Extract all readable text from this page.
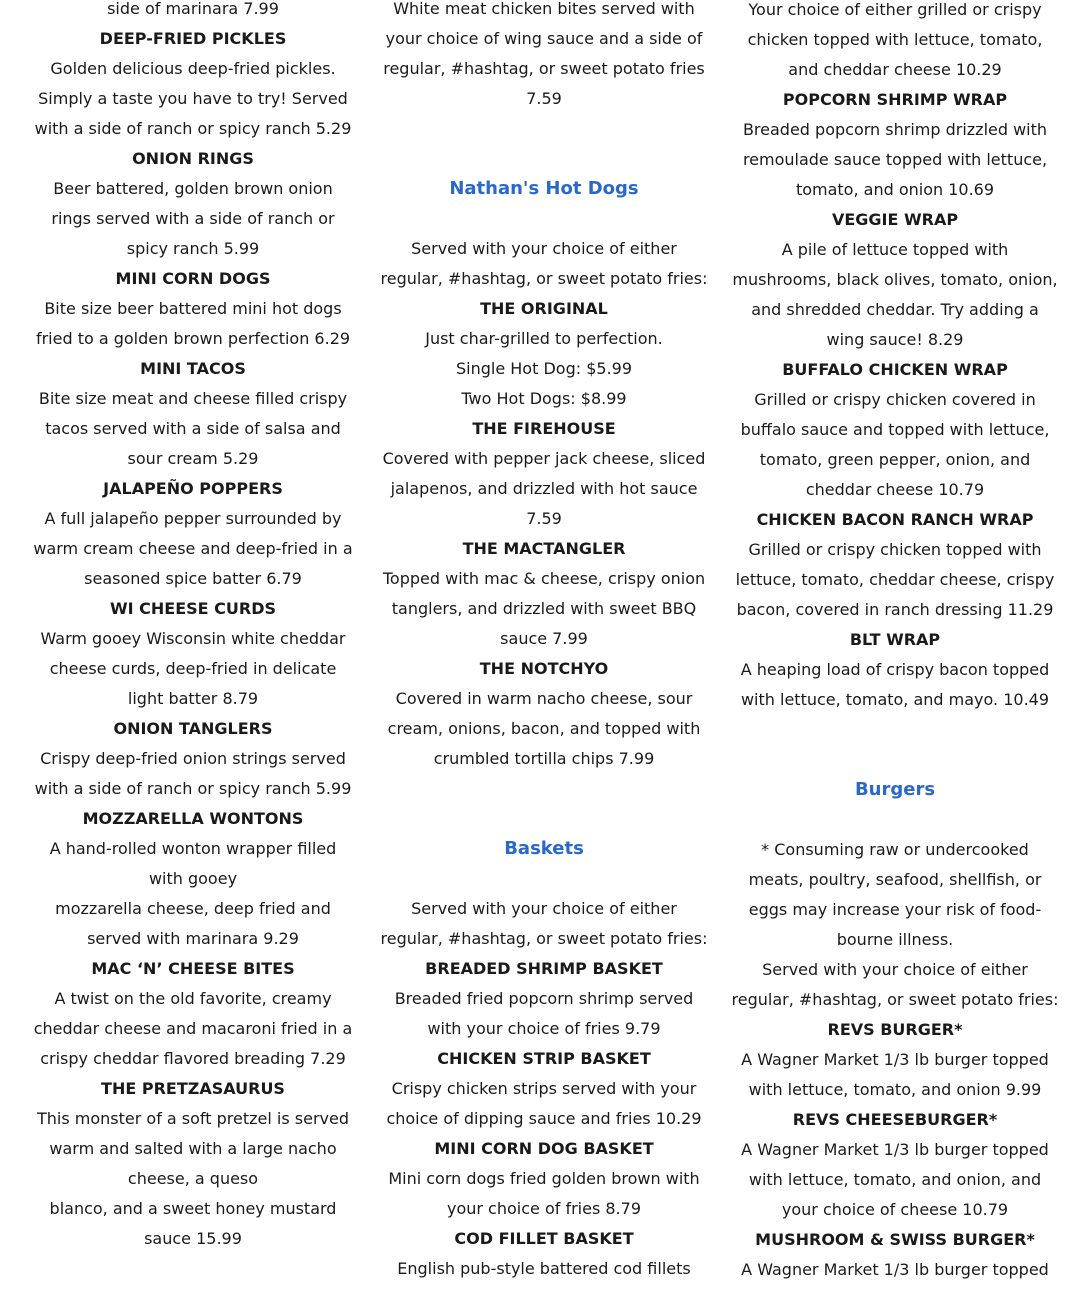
side of marinara 7.99
DEEP-FRIED PICKLES
Golden delicious deep-fried pickles.
Simply a taste you have to try! Served
with a side of ranch or spicy ranch 5.29
ONION RINGS
Beer battered, golden brown onion
rings served with a side of ranch or
spicy ranch 5.99
MINI CORN DOGS
Bite size beer battered mini hot dogs
fried to a golden brown perfection 6.29
MINI TACOS
Bite size meat and cheese filled crispy
tacos served with a side of salsa and
sour cream 5.29
JALAPEÑO POPPERS
A full jalapeño pepper surrounded by
warm cream cheese and deep-fried in a
seasoned spice batter 6.79
WI CHEESE CURDS
Warm gooey Wisconsin white cheddar
cheese curds, deep-fried in delicate
light batter 8.79
ONION TANGLERS
Crispy deep-fried onion strings served
with a side of ranch or spicy ranch 5.99
MOZZARELLA WONTONS
A hand-rolled wonton wrapper filled
with gooey
mozzarella cheese, deep fried and
served with marinara 9.29
MAC ‘N’ CHEESE BITES
A twist on the old favorite, creamy
cheddar cheese and macaroni fried in a
crispy cheddar flavored breading 7.29
THE PRETZASAURUS
This monster of a soft pretzel is served
warm and salted with a large nacho
cheese, a queso
blanco, and a sweet honey mustard
sauce 15.99
White meat chicken bites served with
your choice of wing sauce and a side of
regular, #hashtag, or sweet potato fries
7.59
Nathan's Hot Dogs
Served with your choice of either
regular, #hashtag, or sweet potato fries:
THE ORIGINAL
Just char-grilled to perfection.
Single Hot Dog: $5.99
Two Hot Dogs: $8.99
THE FIREHOUSE
Covered with pepper jack cheese, sliced
jalapenos, and drizzled with hot sauce
7.59
THE MACTANGLER
Topped with mac & cheese, crispy onion
tanglers, and drizzled with sweet BBQ
sauce 7.99
THE NOTCHYO
Covered in warm nacho cheese, sour
cream, onions, bacon, and topped with
crumbled tortilla chips 7.99
Baskets
Served with your choice of either
regular, #hashtag, or sweet potato fries:
BREADED SHRIMP BASKET
Breaded fried popcorn shrimp served
with your choice of fries 9.79
CHICKEN STRIP BASKET
Crispy chicken strips served with your
choice of dipping sauce and fries 10.29
MINI CORN DOG BASKET
Mini corn dogs fried golden brown with
your choice of fries 8.79
COD FILLET BASKET
English pub-style battered cod fillets
Your choice of either grilled or crispy
chicken topped with lettuce, tomato,
and cheddar cheese 10.29
POPCORN SHRIMP WRAP
Breaded popcorn shrimp drizzled with
remoulade sauce topped with lettuce,
tomato, and onion 10.69
VEGGIE WRAP
A pile of lettuce topped with
mushrooms, black olives, tomato, onion,
and shredded cheddar. Try adding a
wing sauce! 8.29
BUFFALO CHICKEN WRAP
Grilled or crispy chicken covered in
buffalo sauce and topped with lettuce,
tomato, green pepper, onion, and
cheddar cheese 10.79
CHICKEN BACON RANCH WRAP
Grilled or crispy chicken topped with
lettuce, tomato, cheddar cheese, crispy
bacon, covered in ranch dressing 11.29
BLT WRAP
A heaping load of crispy bacon topped
with lettuce, tomato, and mayo. 10.49
Burgers
* Consuming raw or undercooked
meats, poultry, seafood, shellfish, or
eggs may increase your risk of food-
bourne illness.
Served with your choice of either
regular, #hashtag, or sweet potato fries:
REVS BURGER*
A Wagner Market 1/3 lb burger topped
with lettuce, tomato, and onion 9.99
REVS CHEESEBURGER*
A Wagner Market 1/3 lb burger topped
with lettuce, tomato, and onion, and
your choice of cheese 10.79
MUSHROOM & SWISS BURGER*
A Wagner Market 1/3 lb burger topped
